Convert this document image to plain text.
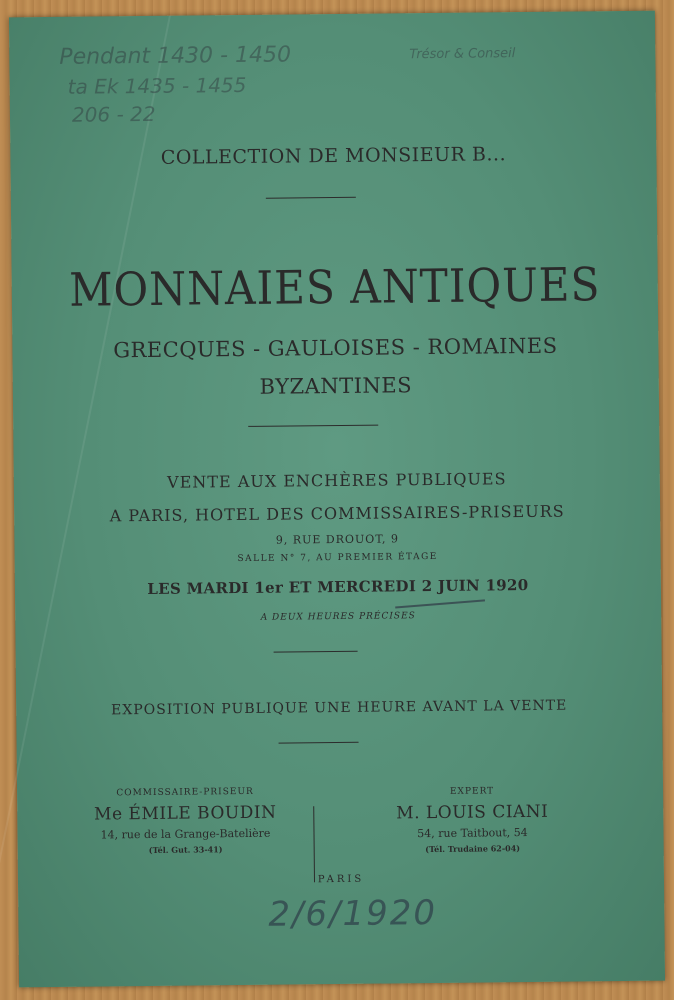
Pendant 1430 - 1450
ta Ek 1435 - 1455
206 - 22
Trésor & Conseil
COLLECTION DE MONSIEUR B...
MONNAIES ANTIQUES
GRECQUES - GAULOISES - ROMAINES
BYZANTINES
VENTE AUX ENCHÈRES PUBLIQUES
A PARIS, HOTEL DES COMMISSAIRES-PRISEURS
9, RUE DROUOT, 9
SALLE N° 7, AU PREMIER ÉTAGE
LES MARDI 1er ET MERCREDI 2 JUIN 1920
A DEUX HEURES PRÉCISES
EXPOSITION PUBLIQUE UNE HEURE AVANT LA VENTE
COMMISSAIRE-PRISEUR
Me ÉMILE BOUDIN
14, rue de la Grange-Batelière
(Tél. Gut. 33-41)
EXPERT
M. LOUIS CIANI
54, rue Taitbout, 54
(Tél. Trudaine 62-04)
PARIS
2/6/1920
